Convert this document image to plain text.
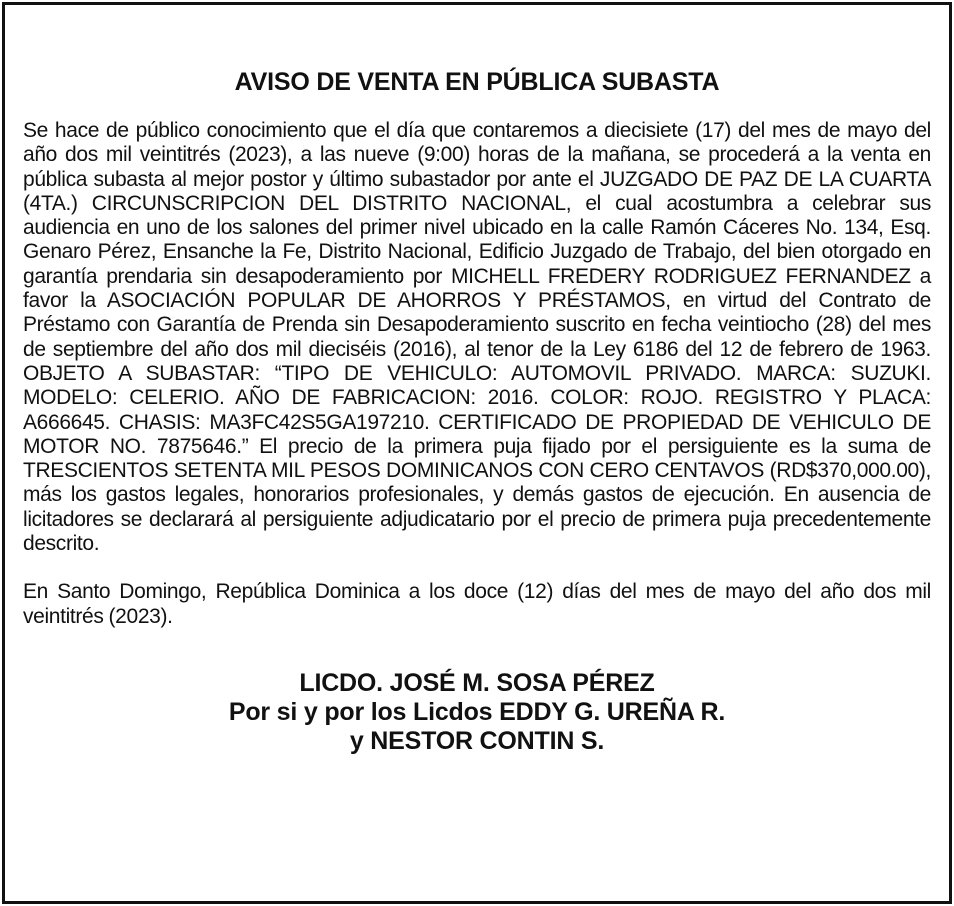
AVISO DE VENTA EN PÚBLICA SUBASTA

Se hace de público conocimiento que el día que contaremos a diecisiete (17) del mes de mayo del año dos mil veintitrés (2023), a las nueve (9:00) horas de la mañana, se procederá a la venta en pública subasta al mejor postor y último subastador por ante el JUZGADO DE PAZ DE LA CUARTA (4TA.) CIRCUNSCRIPCION DEL DISTRITO NACIONAL, el cual acostumbra a celebrar sus audiencia en uno de los salones del primer nivel ubicado en la calle Ramón Cáceres No. 134, Esq. Genaro Pérez, Ensanche la Fe, Distrito Nacional, Edificio Juzgado de Trabajo, del bien otorgado en garantía prendaria sin desapoderamiento por MICHELL FREDERY RODRIGUEZ FERNANDEZ a favor la ASOCIACIÓN POPULAR DE AHORROS Y PRÉSTAMOS, en virtud del Contrato de Préstamo con Garantía de Prenda sin Desapoderamiento suscrito en fecha veintiocho (28) del mes de septiembre del año dos mil dieciséis (2016), al tenor de la Ley 6186 del 12 de febrero de 1963. OBJETO A SUBASTAR: “TIPO DE VEHICULO: AUTOMOVIL PRIVADO. MARCA: SUZUKI. MODELO: CELERIO. AÑO DE FABRICACION: 2016. COLOR: ROJO. REGISTRO Y PLACA: A666645. CHASIS: MA3FC42S5GA197210. CERTIFICADO DE PROPIEDAD DE VEHICULO DE MOTOR NO. 7875646.” El precio de la primera puja fijado por el persiguiente es la suma de TRESCIENTOS SETENTA MIL PESOS DOMINICANOS CON CERO CENTAVOS (RD$370,000.00), más los gastos legales, honorarios profesionales, y demás gastos de ejecución. En ausencia de licitadores se declarará al persiguiente adjudicatario por el precio de primera puja precedentemente descrito.

En Santo Domingo, República Dominica a los doce (12) días del mes de mayo del año dos mil veintitrés (2023).

LICDO. JOSÉ M. SOSA PÉREZ
Por si y por los Licdos EDDY G. UREÑA R.
y NESTOR CONTIN S.
